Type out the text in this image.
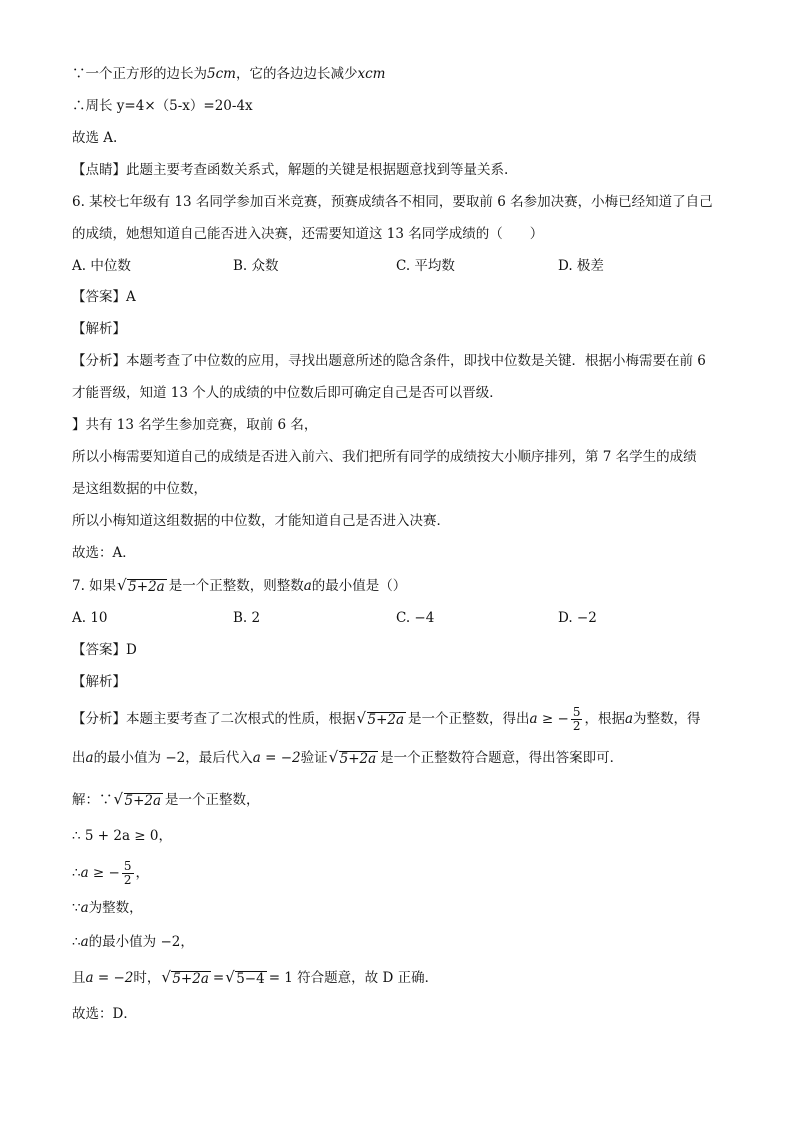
∵一个正方形的边长为5cm，它的各边边长减少xcm
∴周长 y=4×（5-x）=20-4x
故选 A.
【点睛】此题主要考查函数关系式，解题的关键是根据题意找到等量关系.
6. 某校七年级有 13 名同学参加百米竞赛，预赛成绩各不相同，要取前 6 名参加决赛，小梅已经知道了自己
的成绩，她想知道自己能否进入决赛，还需要知道这 13 名同学成绩的（　　）
A. 中位数	B. 众数	C. 平均数	D. 极差
【答案】A
【解析】
【分析】本题考查了中位数的应用，寻找出题意所述的隐含条件，即找中位数是关键．根据小梅需要在前 6
才能晋级，知道 13 个人的成绩的中位数后即可确定自己是否可以晋级．
】共有 13 名学生参加竞赛，取前 6 名，
所以小梅需要知道自己的成绩是否进入前六、我们把所有同学的成绩按大小顺序排列，第 7 名学生的成绩
是这组数据的中位数，
所以小梅知道这组数据的中位数，才能知道自己是否进入决赛．
故选：A．
7. 如果 √ 5+2a 是一个正整数，则整数a的最小值是（）
A. 10	B. 2	C. −4	D. −2
【答案】D
【解析】
【分析】本题主要考查了二次根式的性质，根据 √ 5+2a 是一个正整数，得出a ≥ − $\frac{5}{2}$ ，根据a为整数，得
出a的最小值为 −2，最后代入a = −2验证 √ 5+2a 是一个正整数符合题意，得出答案即可．
解：∵ √ 5+2a 是一个正整数，
∴ 5 + 2a ≥ 0，
∴a ≥ − $\frac{5}{2}$ ，
∵a为整数，
∴a的最小值为 −2，
且a = −2时， √ 5+2a = √ 5−4 = 1 符合题意，故 D 正确．
故选：D．
